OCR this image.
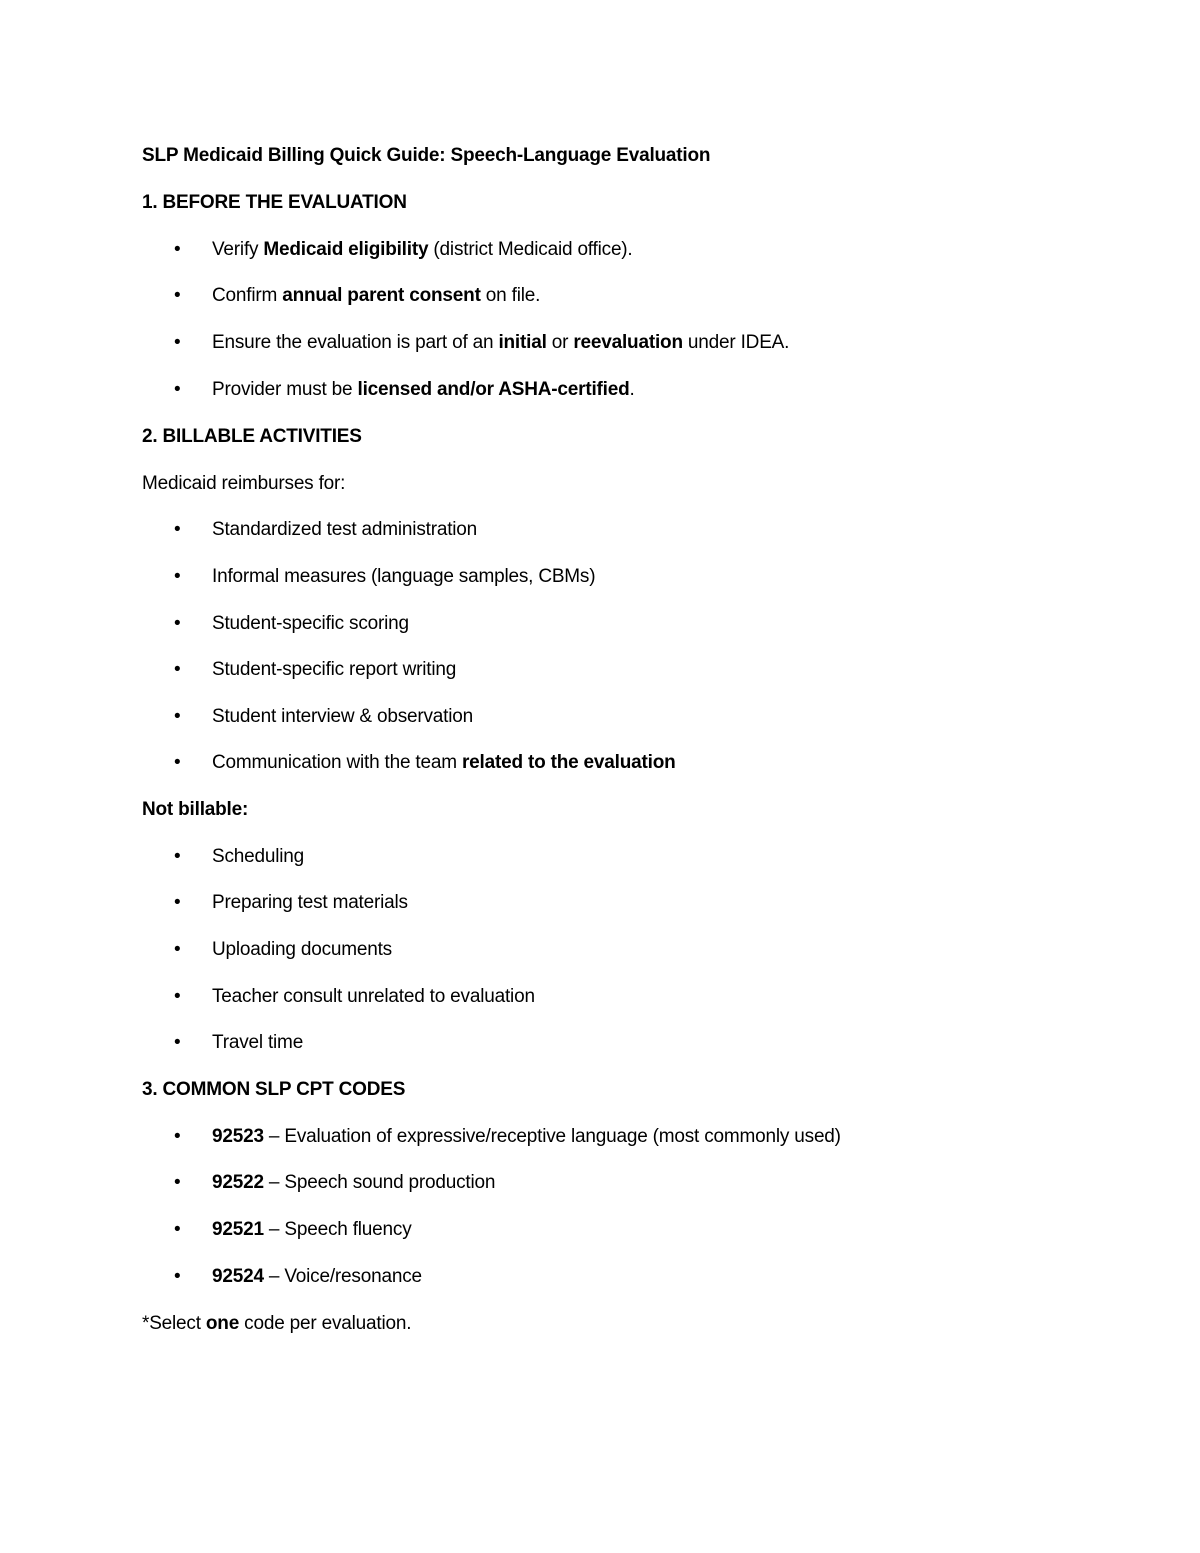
SLP Medicaid Billing Quick Guide: Speech-Language Evaluation
1. BEFORE THE EVALUATION
• Verify Medicaid eligibility (district Medicaid office).
• Confirm annual parent consent on file.
• Ensure the evaluation is part of an initial or reevaluation under IDEA.
• Provider must be licensed and/or ASHA-certified.
2. BILLABLE ACTIVITIES
Medicaid reimburses for:
• Standardized test administration
• Informal measures (language samples, CBMs)
• Student-specific scoring
• Student-specific report writing
• Student interview & observation
• Communication with the team related to the evaluation
Not billable:
• Scheduling
• Preparing test materials
• Uploading documents
• Teacher consult unrelated to evaluation
• Travel time
3. COMMON SLP CPT CODES
• 92523 – Evaluation of expressive/receptive language (most commonly used)
• 92522 – Speech sound production
• 92521 – Speech fluency
• 92524 – Voice/resonance
*Select one code per evaluation.
